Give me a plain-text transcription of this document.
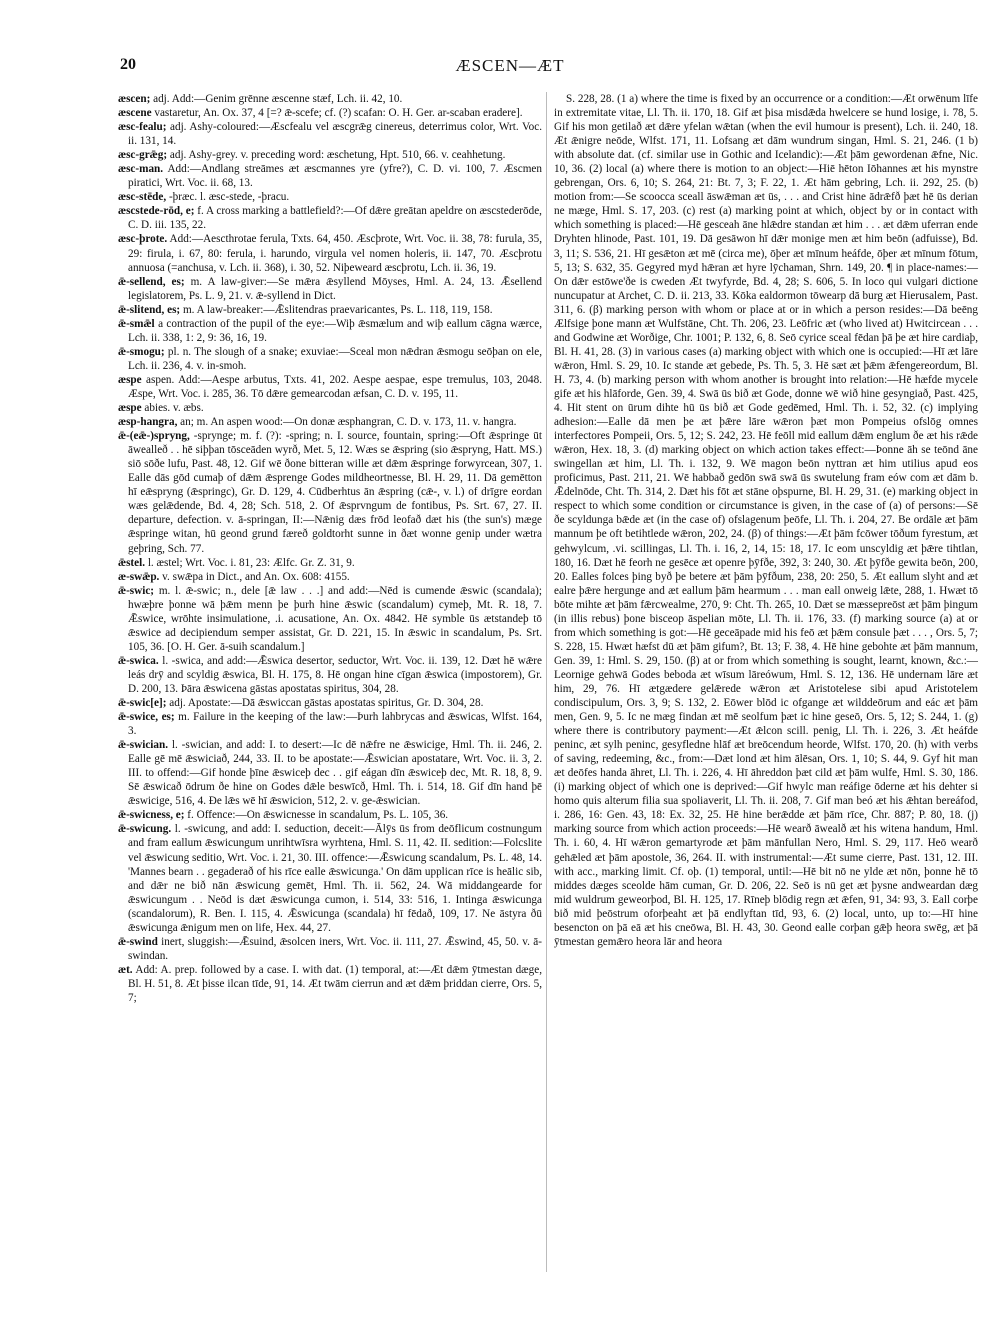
20	ÆSCEN—ÆT

æscen; adj. Add:—Genim grēnne æscenne stæf, Lch. ii. 42, 10.

æscene vastaretur, An. Ox. 37, 4 [=? ǣ-scefe; cf. (?) scafan: O. H. Ger. ar-scaban eradere].

æsc-fealu; adj. Ashy-coloured:—Æscfealu vel æscgrǣg cinereus, deterrimus color, Wrt. Voc. ii. 131, 14.

æsc-grǣg; adj. Ashy-grey. v. preceding word: æschetung, Hpt. 510, 66. v. ceahhetung.

æsc-man. Add:—Andlang streāmes æt æscmannes yre (yfre?), C. D. vi. 100, 7. Æscmen piratici, Wrt. Voc. ii. 68, 13.

æsc-stēde, -þræc. l. æsc-stede, -þracu.

æscstede-rōd, e; f. A cross marking a battlefield?:—Of dǣre greātan apeldre on æscstederōde, C. D. iii. 135, 22.

æsc-þrote. Add:—Aescthrotae ferula, Txts. 64, 450. Æscþrote, Wrt. Voc. ii. 38, 78: furula, 35, 29: firula, i. 67, 80: ferula, i. harundo, virgula vel nomen holeris, ii. 147, 70. Æscþrotu annuosa (=anchusa, v. Lch. ii. 368), i. 30, 52. Niþeweard æscþrotu, Lch. ii. 36, 19.

ǣ-sellend, es; m. A law-giver:—Se mǣra ǣsyllend Mōyses, Hml. A. 24, 13. Ǣsellend legislatorem, Ps. L. 9, 21. v. ǣ-syllend in Dict.

ǣ-slitend, es; m. A law-breaker:—Ǣslitendras praevaricantes, Ps. L. 118, 119, 158.

ǣ-smǣl a contraction of the pupil of the eye:—Wiþ ǣsmælum and wiþ eallum cāgna wærce, Lch. ii. 338, 1: 2, 9: 36, 16, 19.

ǣ-smogu; pl. n. The slough of a snake; exuviae:—Sceal mon nǣdran ǣsmogu seōþan on ele, Lch. ii. 236, 4. v. in-smoh.

æspe aspen. Add:—Aespe arbutus, Txts. 41, 202. Aespe aespae, espe tremulus, 103, 2048. Æspe, Wrt. Voc. i. 285, 36. Tō dǣre gemearcodan æfsan, C. D. v. 195, 11.

æspe abies. v. æbs.

æsp-hangra, an; m. An aspen wood:—On donæ æsphangran, C. D. v. 173, 11. v. hangra.

ǣ-(eǣ-)spryng, -sprynge; m. f. (?): -spring; n. I. source, fountain, spring:—Oft ǣspringe ūt āwealleð . . hē siþþan tōsceāden wyrð, Met. 5, 12. Wæs se ǣspring (sio ǣspryng, Hatt. MS.) siō sōðe lufu, Past. 48, 12. Gif wē ðone bitteran wille æt dǣm ǣspringe forwyrcean, 307, 1. Ealle dās gōd cumaþ of dǣm ǣsprenge Godes mildheortnesse, Bl. H. 29, 11. Dā gemētton hī eǣspryng (ǣspringc), Gr. D. 129, 4. Cūdberhtus ān ǣspring (cǣ-, v. l.) of drīgre eordan wæs gelǣdende, Bd. 4, 28; Sch. 518, 2. Of ǣsprvngum de fontibus, Ps. Srt. 67, 27. II. departure, defection. v. ā-springan, II:—Nǣnig dæs frōd leofað dæt his (the sun's) mæge ǣspringe witan, hū geond grund færeð goldtorht sunne in ðæt wonne genip under wætra geþring, Sch. 77.

ǣstel. l. æstel; Wrt. Voc. i. 81, 23: Ælfc. Gr. Z. 31, 9.

æ-swǣp. v. swǣpa in Dict., and An. Ox. 608: 4155.

ǣ-swic; m. l. ǣ-swic; n., dele [ǣ law . . .] and add:—Nēd is cumende ǣswic (scandala); hwæþre þonne wā þǣm menn þe þurh hine ǣswic (scandalum) cymeþ, Mt. R. 18, 7. Ǣswice, wrōhte insimulatione, .i. acusatione, An. Ox. 4842. Hē symble ūs ætstandeþ tō ǣswice ad decipiendum semper assistat, Gr. D. 221, 15. In ǣswic in scandalum, Ps. Srt. 105, 36. [O. H. Ger. ā-suih scandalum.]

ǣ-swica. l. -swica, and add:—Ǣswica desertor, seductor, Wrt. Voc. ii. 139, 12. Dæt hē wǣre leás drȳ and scyldig ǣswica, Bl. H. 175, 8. Hē ongan hine cīgan ǣswica (impostorem), Gr. D. 200, 13. Þāra ǣswicena gāstas apostatas spiritus, 304, 28.

ǣ-swic[e]; adj. Apostate:—Dā ǣswiccan gāstas apostatas spiritus, Gr. D. 304, 28.

ǣ-swice, es; m. Failure in the keeping of the law:—Þurh lahbrycas and ǣswicas, Wlfst. 164, 3.

ǣ-swician. l. -swician, and add: I. to desert:—Ic dē nǣfre ne ǣswicige, Hml. Th. ii. 246, 2. Ealle gē mē ǣswiciað, 244, 33. II. to be apostate:—Ǣswician apostatare, Wrt. Voc. ii. 3, 2. III. to offend:—Gif honde þīne ǣswiceþ dec . . gif eágan dīn ǣswiceþ dec, Mt. R. 18, 8, 9. Sē ǣswicað ōdrum ðe hine on Godes dǣle beswīcð, Hml. Th. i. 514, 18. Gif dīn hand þē ǣswicige, 516, 4. Ðe lǣs wē hī ǣswicion, 512, 2. v. ge-ǣswician.

ǣ-swicness, e; f. Offence:—On ǣswicnesse in scandalum, Ps. L. 105, 36.

ǣ-swicung. l. -swicung, and add: I. seduction, deceit:—Ālȳs ūs from deōflicum costnungum and fram eallum ǣswicungum unrihtwīsra wyrhtena, Hml. S. 11, 42. II. sedition:—Folcslite vel ǣswicung seditio, Wrt. Voc. i. 21, 30. III. offence:—Ǣswicung scandalum, Ps. L. 48, 14. 'Mannes bearn . . gegaderað of his rīce ealle ǣswicunga.' On dām upplican rīce is heālic sib, and dǣr ne bið nān ǣswicung gemēt, Hml. Th. ii. 562, 24. Wā middangearde for ǣswicungum . . Neōd is dæt ǣswicunga cumon, i. 514, 33: 516, 1. Intinga ǣswicunga (scandalorum), R. Ben. I. 115, 4. Ǣswicunga (scandala) hī fēdað, 109, 17. Ne āstyra ðū ǣswicunga ǣnigum men on life, Hex. 44, 27.

ǣ-swind inert, sluggish:—Ǣsuind, ǣsolcen iners, Wrt. Voc. ii. 111, 27. Ǣswind, 45, 50. v. ā-swindan.

æt. Add: A. prep. followed by a case. I. with dat. (1) temporal, at:—Æt dǣm ȳtmestan dæge, Bl. H. 51, 8. Æt þisse ilcan tīde, 91, 14. Æt twām cierrun and æt dǣm þriddan cierre, Ors. 5, 7;

S. 228, 28. (1 a) where the time is fixed by an occurrence or a condition:—Æt orwēnum līfe in extremitate vitae, Ll. Th. ii. 170, 18. Gif æt þisa misdǣda hwelcere se hund losige, i. 78, 5. Gif his mon getilað æt dǣre yfelan wǣtan (when the evil humour is present), Lch. ii. 240, 18. Æt ǣnigre neōde, Wlfst. 171, 11. Lofsang æt dām wundrum singan, Hml. S. 21, 246. (1 b) with absolute dat. (cf. similar use in Gothic and Icelandic):—Æt þām gewordenan ǣfne, Nic. 10, 36. (2) local (a) where there is motion to an object:—Hiē hēton Iōhannes æt his mynstre gebrengan, Ors. 6, 10; S. 264, 21: Bt. 7, 3; F. 22, 1. Æt hām gebring, Lch. ii. 292, 25. (b) motion from:—Se scoocca sceall āswǣman æt ūs, . . . and Crist hine ādrǣfð þæt hē ūs derian ne mæge, Hml. S. 17, 203. (c) rest (a) marking point at which, object by or in contact with which something is placed:—Hē gesceah āne hlǣdre standan æt him . . . æt dǣm uferran ende Dryhten hlinode, Past. 101, 19. Dā gesāwon hī dǣr monige men æt him beōn (adfuisse), Bd. 3, 11; S. 536, 21. Hī gesǣton æt mē (circa me), ōþer æt mīnum heáfde, ōþer æt mīnum fōtum, 5, 13; S. 632, 35. Gegyred myd hǣran æt hyre lȳchaman, Shrn. 149, 20. ¶ in place-names:—On dǣr estōwe'ðe is cweden Æt twyfyrde, Bd. 4, 28; S. 606, 5. In loco qui vulgari dictione nuncupatur at Archet, C. D. ii. 213, 33. Kōka ealdormon tōwearp dā burg æt Hierusalem, Past. 311, 6. (β) marking person with whom or place at or in which a person resides:—Dā beēng Ælfsige þone mann æt Wulfstāne, Cht. Th. 206, 23. Leōfric æt (who lived at) Hwitcircean . . . and Godwine æt Worðige, Chr. 1001; P. 132, 6, 8. Seō cyrice sceal fēdan þā þe æt hire cardiaþ, Bl. H. 41, 28. (3) in various cases (a) marking object with which one is occupied:—Hī æt lāre wǣron, Hml. S. 29, 10. Ic stande æt gebede, Ps. Th. 5, 3. Hē sæt æt þǣm ǣfengereordum, Bl. H. 73, 4. (b) marking person with whom another is brought into relation:—Hē hæfde mycele gife æt his hlāforde, Gen. 39, 4. Swā ūs bið æt Gode, donne wē wið hine gesyngiað, Past. 425, 4. Hit stent on ūrum dihte hū ūs bið æt Gode gedēmed, Hml. Th. i. 52, 32. (c) implying adhesion:—Ealle dā men þe æt þǣre lāre wǣron þæt mon Pompeius ofslōg omnes interfectores Pompeii, Ors. 5, 12; S. 242, 23. Hē feōll mid eallum dǣm englum ðe æt his rǣde wǣron, Hex. 18, 3. (d) marking object on which action takes effect:—Þonne āh se teōnd āne swingellan æt him, Ll. Th. i. 132, 9. Wē magon beōn nyttran æt him utilius apud eos proficimus, Past. 211, 21. Wē habbað gedōn swā swā ūs swutelung fram eów com æt dām b. Ǣdelnōde, Cht. Th. 314, 2. Dæt his fōt æt stāne oþspurne, Bl. H. 29, 31. (e) marking object in respect to which some condition or circumstance is given, in the case of (a) of persons:—Sē ðe scyldunga bǣde æt (in the case of) ofslagenum þeōfe, Ll. Th. i. 204, 27. Be ordāle æt þām mannum þe oft betihtlede wǣron, 202, 24. (β) of things:—Æt þām fcōwer tōðum fyrestum, æt gehwylcum, .vi. scillingas, Ll. Th. i. 16, 2, 14, 15: 18, 17. Ic eom unscyldig æt þǣre tihtlan, 180, 16. Dæt hē feorh ne gesēce æt openre þȳfðe, 392, 3: 240, 30. Æt þȳfðe gewita beōn, 200, 20. Ealles folces þing byð þe betere æt þām þȳfðum, 238, 20: 250, 5. Æt eallum slyht and æt ealre þǣre hergunge and æt eallum þām hearmum . . . man eall onweig lǣte, 288, 1. Hwæt tō bōte mihte æt þām fǣrcwealme, 270, 9: Cht. Th. 265, 10. Dæt se mæssepreōst æt þām þingum (in illis rebus) þone bisceop āspelian mōte, Ll. Th. ii. 176, 33. (f) marking source (a) at or from which something is got:—Hē geceāpade mid his feō æt þǣm consule þæt . . . , Ors. 5, 7; S. 228, 15. Hwæt hæfst dū æt þām gifum?, Bt. 13; F. 38, 4. Hē hine gebohte æt þām mannum, Gen. 39, 1: Hml. S. 29, 150. (β) at or from which something is sought, learnt, known, &c.:—Leornige gehwā Godes beboda æt wīsum lāreówum, Hml. S. 12, 136. Hē undernam lāre æt him, 29, 76. Hī ætgædere gelǣrede wǣron æt Aristotelese sibi apud Aristotelem condiscipulum, Ors. 3, 9; S. 132, 2. Eōwer blōd ic ofgange æt wilddeōrum and eác æt þām men, Gen. 9, 5. Ic ne mæg findan æt mē seolfum þæt ic hine geseō, Ors. 5, 12; S. 244, 1. (g) where there is contributory payment:—Æt ǣlcon scill. penig, Ll. Th. i. 226, 3. Æt heáfde peninc, æt sylh peninc, gesyfledne hlāf æt breōcendum heorde, Wlfst. 170, 20. (h) with verbs of saving, redeeming, &c., from:—Dæt lond æt him ālēsan, Ors. 1, 10; S. 44, 9. Gyf hit man æt deōfes handa āhret, Ll. Th. i. 226, 4. Hī āhreddon þæt cild æt þām wulfe, Hml. S. 30, 186. (i) marking object of which one is deprived:—Gif hwylc man reáfige ōderne æt his dehter si homo quis alterum filia sua spoliaverit, Ll. Th. ii. 208, 7. Gif man beó æt his ǣhtan bereáfod, i. 286, 16: Gen. 43, 18: Ex. 32, 25. Hē hine berǣdde æt þām rīce, Chr. 887; P. 80, 18. (j) marking source from which action proceeds:—Hē wearð āwealð æt his witena handum, Hml. Th. i. 60, 4. Hī wǣron gemartyrode æt þām mānfullan Nero, Hml. S. 29, 117. Heō wearð gehǣled æt þām apostole, 36, 264. II. with instrumental:—Æt sume cierre, Past. 131, 12. III. with acc., marking limit. Cf. oþ. (1) temporal, until:—Hē bit nō ne ylde æt nōn, þonne hē tō middes dæges sceolde hām cuman, Gr. D. 206, 22. Seō is nū get æt þysne andweardan dæg mid wuldrum geweorþod, Bl. H. 125, 17. Rīneþ blōdig regn æt ǣfen, 91, 34: 93, 3. Eall corþe bið mid þeōstrum oforþeaht æt þā endlyftan tīd, 93, 6. (2) local, unto, up to:—Hī hine besencton on þā eā æt his cneōwa, Bl. H. 43, 30. Geond ealle corþan gǣþ heora swēg, æt þā ȳtmestan gemǣro heora lār and heora
